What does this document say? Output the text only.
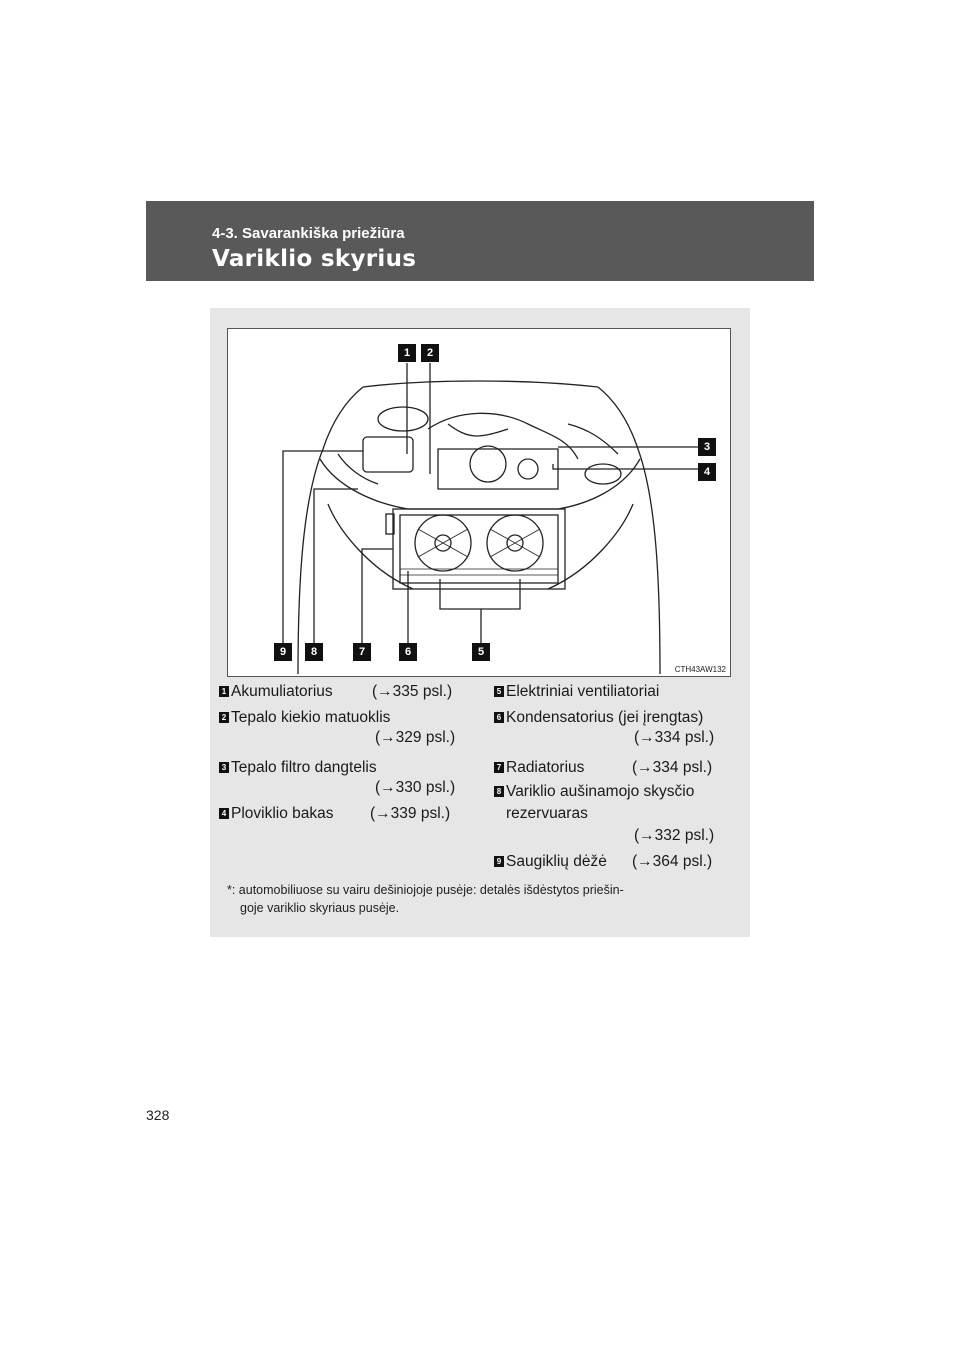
4-3. Savarankiška priežiūra
Variklio skyrius
1	2
3
4
5
6
7
8
9
CTH43AW132
1 Akumuliatorius	(→335 psl.)
2 Tepalo kiekio matuoklis
(→329 psl.)
3 Tepalo filtro dangtelis
(→330 psl.)
4 Ploviklio bakas (→339 psl.)
5 Elektriniai ventiliatoriai
6 Kondensatorius (jei įrengtas)
(→334 psl.)
7 Radiatorius	(→334 psl.)
8 Variklio aušinamojo skysčio
rezervuaras
(→332 psl.)
9 Saugiklių dėžė (→364 psl.)
*: automobiliuose su vairu dešiniojoje pusėje: detalės išdėstytos priešin-
goje variklio skyriaus pusėje.
328
